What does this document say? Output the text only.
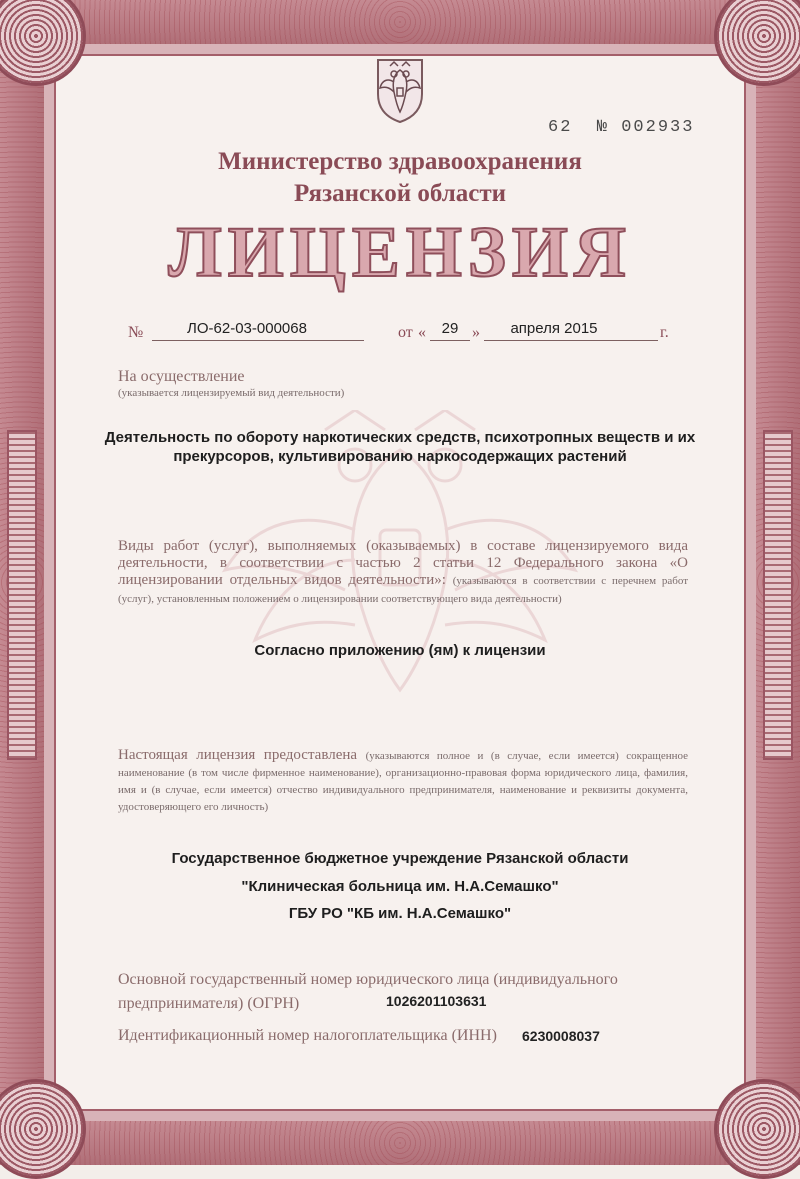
62 № 002933
Министерство здравоохранения
Рязанской области
ЛИЦЕНЗИЯ
№	ЛО-62-03-000068	от «	29 »	апреля 2015	г.
На осуществление
(указывается лицензируемый вид деятельности)
Деятельность по обороту наркотических средств, психотропных веществ и их прекурсоров, культивированию наркосодержащих растений
Виды работ (услуг), выполняемых (оказываемых) в составе лицензируемого вида деятельности, в соответствии с частью 2 статьи 12 Федерального закона «О лицензировании отдельных видов деятельности»: (указываются в соответствии с перечнем работ (услуг), установленным положением о лицензировании соответствующего вида деятельности)
Согласно приложению (ям) к лицензии
Настоящая лицензия предоставлена (указываются полное и (в случае, если имеется) сокращенное наименование (в том числе фирменное наименование), организационно-правовая форма юридического лица, фамилия, имя и (в случае, если имеется) отчество индивидуального предпринимателя, наименование и реквизиты документа, удостоверяющего его личность)
Государственное бюджетное учреждение Рязанской области
"Клиническая больница им. Н.А.Семашко"
ГБУ РО "КБ им. Н.А.Семашко"
Основной государственный номер юридического лица (индивидуального предпринимателя) (ОГРН)	1026201103631
Идентификационный номер налогоплательщика (ИНН) 6230008037
